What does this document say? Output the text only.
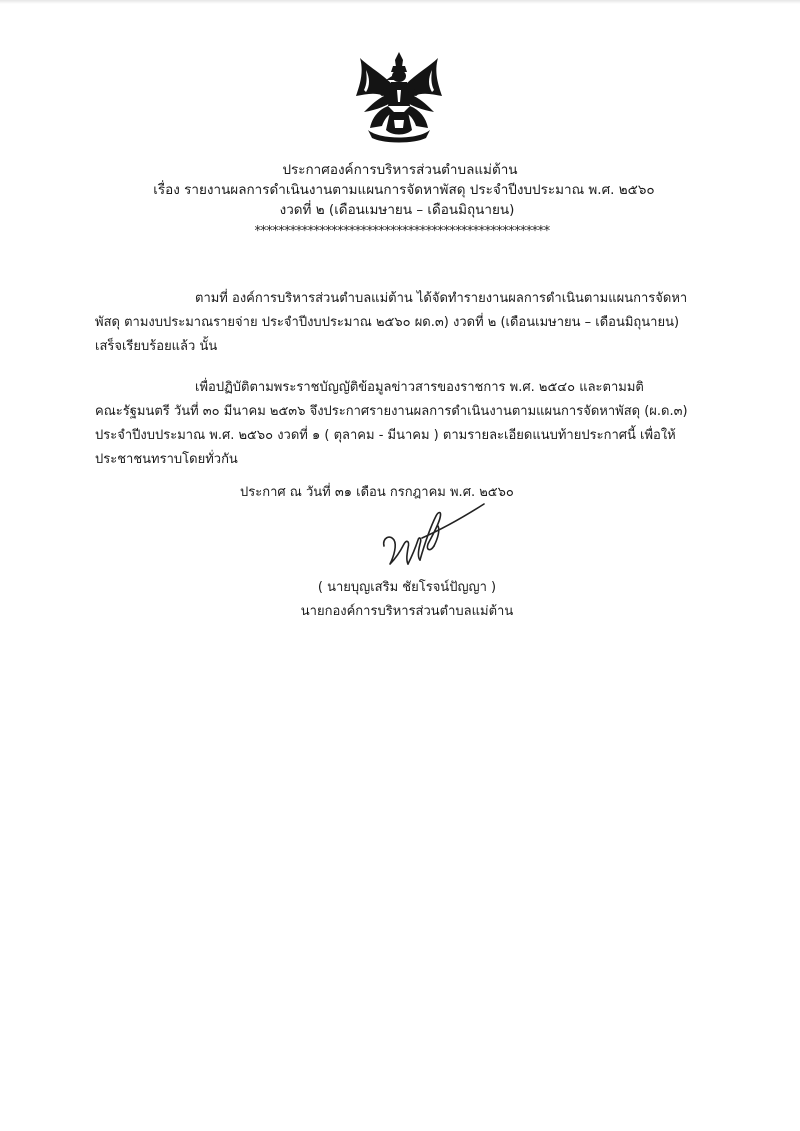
ประกาศองค์การบริหารส่วนตำบลแม่ต้าน
เรื่อง รายงานผลการดำเนินงานตามแผนการจัดหาพัสดุ ประจำปีงบประมาณ พ.ศ. ๒๕๖๐
งวดที่ ๒ (เดือนเมษายน – เดือนมิถุนายน)
**************************************************
ตามที่ องค์การบริหารส่วนตำบลแม่ต้าน ได้จัดทำรายงานผลการดำเนินตามแผนการจัดหา
พัสดุ ตามงบประมาณรายจ่าย ประจำปีงบประมาณ ๒๕๖๐ ผด.๓) งวดที่ ๒ (เดือนเมษายน – เดือนมิถุนายน)
เสร็จเรียบร้อยแล้ว นั้น
เพื่อปฏิบัติตามพระราชบัญญัติข้อมูลข่าวสารของราชการ พ.ศ. ๒๕๔๐ และตามมติ
คณะรัฐมนตรี วันที่ ๓๐ มีนาคม ๒๕๓๖ จึงประกาศรายงานผลการดำเนินงานตามแผนการจัดหาพัสดุ (ผ.ด.๓)
ประจำปีงบประมาณ พ.ศ. ๒๕๖๐ งวดที่ ๑ ( ตุลาคม - มีนาคม ) ตามรายละเอียดแนบท้ายประกาศนี้ เพื่อให้
ประชาชนทราบโดยทั่วกัน
ประกาศ ณ วันที่ ๓๑ เดือน กรกฎาคม พ.ศ. ๒๕๖๐
( นายบุญเสริม ชัยโรจน์ปัญญา )
นายกองค์การบริหารส่วนตำบลแม่ต้าน
